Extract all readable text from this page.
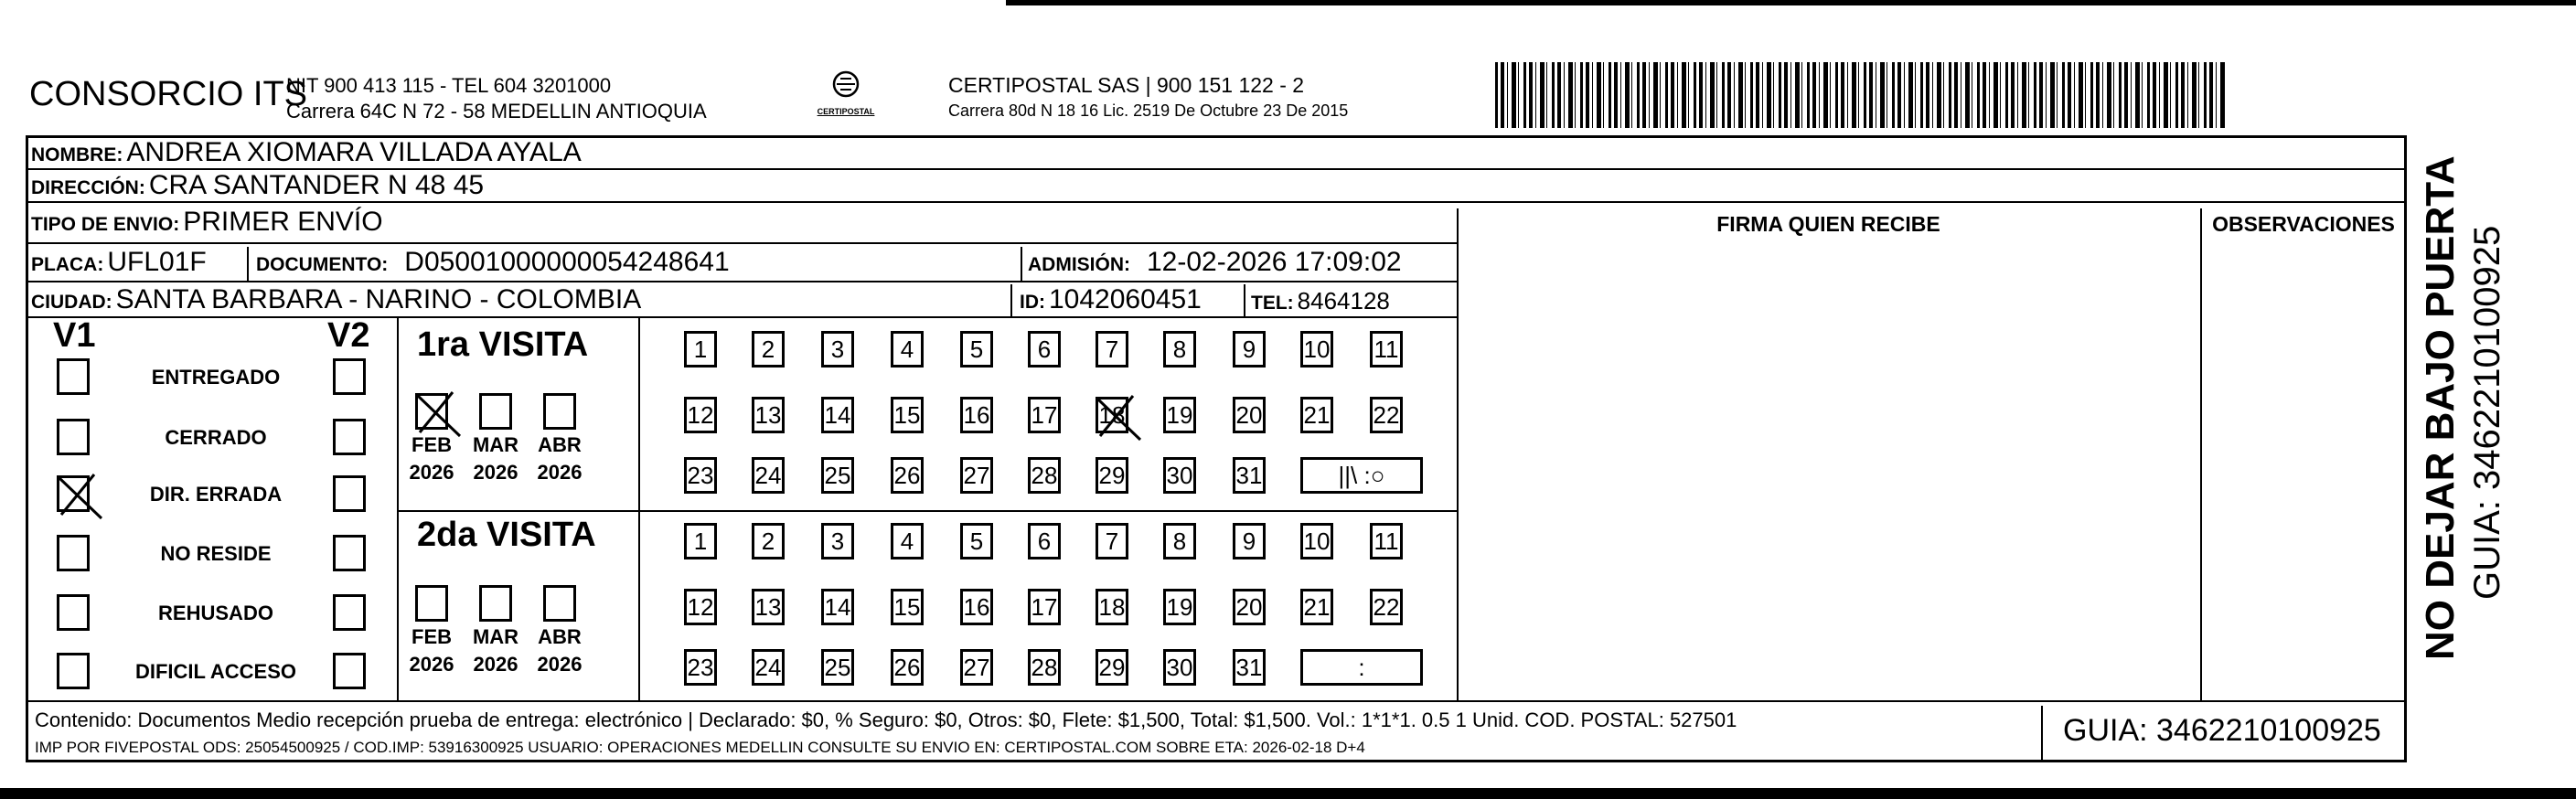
CONSORCIO ITS
NIT 900 413 115 - TEL 604 3201000
Carrera 64C N 72 - 58 MEDELLIN ANTIOQUIA	CERTIPOSTAL
CERTIPOSTAL SAS | 900 151 122 - 2
Carrera 80d N 18 16 Lic. 2519 De Octubre 23 De 2015
NOMBRE: ANDREA XIOMARA VILLADA AYALA
DIRECCIÓN: CRA SANTANDER N 48 45
TIPO DE ENVIO: PRIMER ENVÍO
PLACA: UFL01F	DOCUMENTO: D05001000000054248641	ADMISIÓN: 12-02-2026 17:09:02
CIUDAD: SANTA BARBARA - NARINO - COLOMBIA	ID: 1042060451	TEL: 8464128
FIRMA QUIEN RECIBE	OBSERVACIONES
V1	V2
ENTREGADO
CERRADO
DIR. ERRADA
NO RESIDE
REHUSADO
DIFICIL ACCESO
1ra VISITA
2da VISITA
FEB
2026
MAR
2026
ABR
2026
1	2	3	4	5	6	7	8	9	10 11
12 13 14 15 16 17 18 19 20 21 22
23 24 25 26 27 28 29 30 31	||\ :○
FEB
2026
MAR
2026
ABR
2026
1	2	3	4	5	6	7	8	9	10 11
12 13 14 15 16 17 18 19 20 21 22
23 24 25 26 27 28 29 30 31	:
Contenido: Documentos Medio recepción prueba de entrega: electrónico | Declarado: $0, % Seguro: $0, Otros: $0, Flete: $1,500, Total: $1,500. Vol.: 1*1*1. 0.5 1 Unid. COD. POSTAL: 527501
IMP POR FIVEPOSTAL ODS: 25054500925 / COD.IMP: 53916300925 USUARIO: OPERACIONES MEDELLIN CONSULTE SU ENVIO EN: CERTIPOSTAL.COM SOBRE ETA: 2026-02-18 D+4	GUIA: 3462210100925
NO DEJAR BAJO PUERTA GUIA: 3462210100925
